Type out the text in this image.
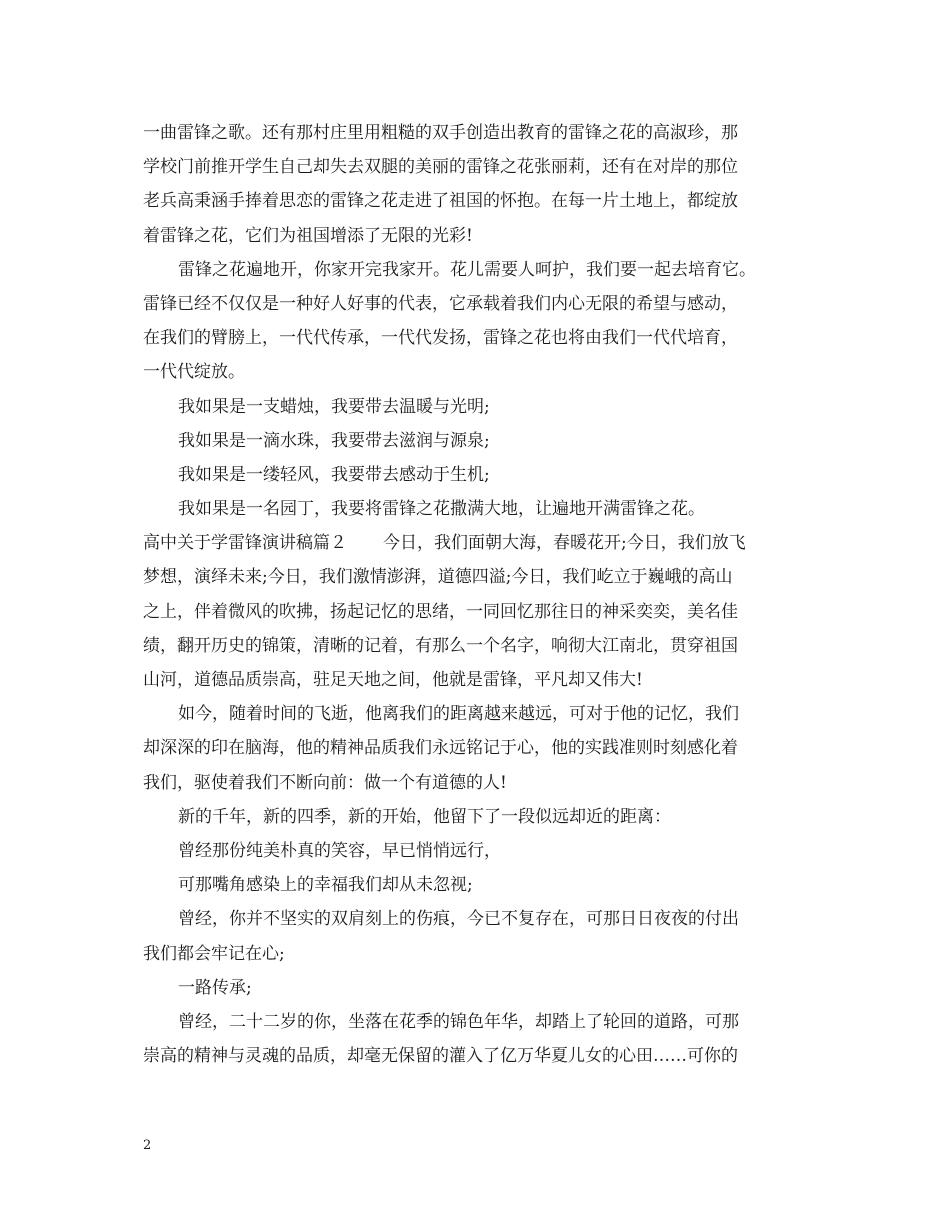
一曲雷锋之歌。还有那村庄里用粗糙的双手创造出教育的雷锋之花的高淑珍，那
学校门前推开学生自己却失去双腿的美丽的雷锋之花张丽莉，还有在对岸的那位
老兵高秉涵手捧着思恋的雷锋之花走进了祖国的怀抱。在每一片土地上，都绽放
着雷锋之花，它们为祖国增添了无限的光彩!
雷锋之花遍地开，你家开完我家开。花儿需要人呵护，我们要一起去培育它。
雷锋已经不仅仅是一种好人好事的代表，它承载着我们内心无限的希望与感动，
在我们的臂膀上，一代代传承，一代代发扬，雷锋之花也将由我们一代代培育，
一代代绽放。
我如果是一支蜡烛，我要带去温暖与光明;
我如果是一滴水珠，我要带去滋润与源泉;
我如果是一缕轻风，我要带去感动于生机;
我如果是一名园丁，我要将雷锋之花撒满大地，让遍地开满雷锋之花。
高中关于学雷锋演讲稿篇２ 今日，我们面朝大海，春暖花开;今日，我们放飞
梦想，演绎未来;今日，我们激情澎湃，道德四溢;今日，我们屹立于巍峨的高山
之上，伴着微风的吹拂，扬起记忆的思绪，一同回忆那往日的神采奕奕，美名佳
绩，翻开历史的锦策，清晰的记着，有那么一个名字，响彻大江南北，贯穿祖国
山河，道德品质崇高，驻足天地之间，他就是雷锋，平凡却又伟大!
如今，随着时间的飞逝，他离我们的距离越来越远，可对于他的记忆，我们
却深深的印在脑海，他的精神品质我们永远铭记于心，他的实践准则时刻感化着
我们，驱使着我们不断向前：做一个有道德的人!
新的千年，新的四季，新的开始，他留下了一段似远却近的距离：
曾经那份纯美朴真的笑容，早已悄悄远行，
可那嘴角感染上的幸福我们却从未忽视;
曾经，你并不坚实的双肩刻上的伤痕，今已不复存在，可那日日夜夜的付出
我们都会牢记在心;
一路传承;
曾经，二十二岁的你，坐落在花季的锦色年华，却踏上了轮回的道路，可那
崇高的精神与灵魂的品质，却毫无保留的灌入了亿万华夏儿女的心田……可你的
2
